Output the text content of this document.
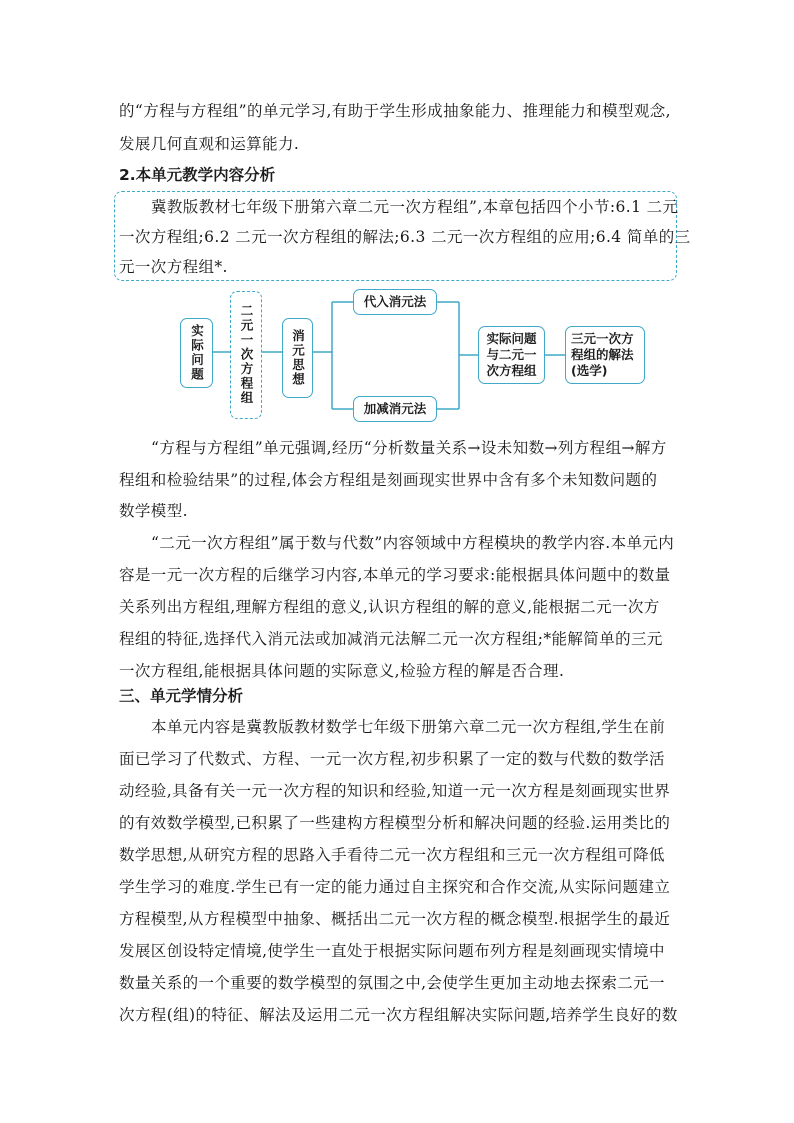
的“方程与方程组”的单元学习,有助于学生形成抽象能力、推理能力和模型观念,
发展几何直观和运算能力.
2.本单元教学内容分析
冀教版教材七年级下册第六章二元一次方程组”,本章包括四个小节:6.1 二元
一次方程组;6.2 二元一次方程组的解法;6.3 二元一次方程组的应用;6.4 简单的三
元一次方程组*.
实际问题	二元一次方程组	消元思想
代入消元法
加减消元法
实际问题与二元一次方程组
三元一次方程组的解法(选学)
“方程与方程组”单元强调,经历“分析数量关系→设未知数→列方程组→解方
程组和检验结果”的过程,体会方程组是刻画现实世界中含有多个未知数问题的
数学模型.
“二元一次方程组”属于数与代数”内容领域中方程模块的教学内容.本单元内
容是一元一次方程的后继学习内容,本单元的学习要求:能根据具体问题中的数量
关系列出方程组,理解方程组的意义,认识方程组的解的意义,能根据二元一次方
程组的特征,选择代入消元法或加减消元法解二元一次方程组;*能解简单的三元
一次方程组,能根据具体问题的实际意义,检验方程的解是否合理.
三、单元学情分析
本单元内容是冀教版教材数学七年级下册第六章二元一次方程组,学生在前
面已学习了代数式、方程、一元一次方程,初步积累了一定的数与代数的数学活
动经验,具备有关一元一次方程的知识和经验,知道一元一次方程是刻画现实世界
的有效数学模型,已积累了一些建构方程模型分析和解决问题的经验.运用类比的
数学思想,从研究方程的思路入手看待二元一次方程组和三元一次方程组可降低
学生学习的难度.学生已有一定的能力通过自主探究和合作交流,从实际问题建立
方程模型,从方程模型中抽象、概括出二元一次方程的概念模型.根据学生的最近
发展区创设特定情境,使学生一直处于根据实际问题布列方程是刻画现实情境中
数量关系的一个重要的数学模型的氛围之中,会使学生更加主动地去探索二元一
次方程(组)的特征、解法及运用二元一次方程组解决实际问题,培养学生良好的数
